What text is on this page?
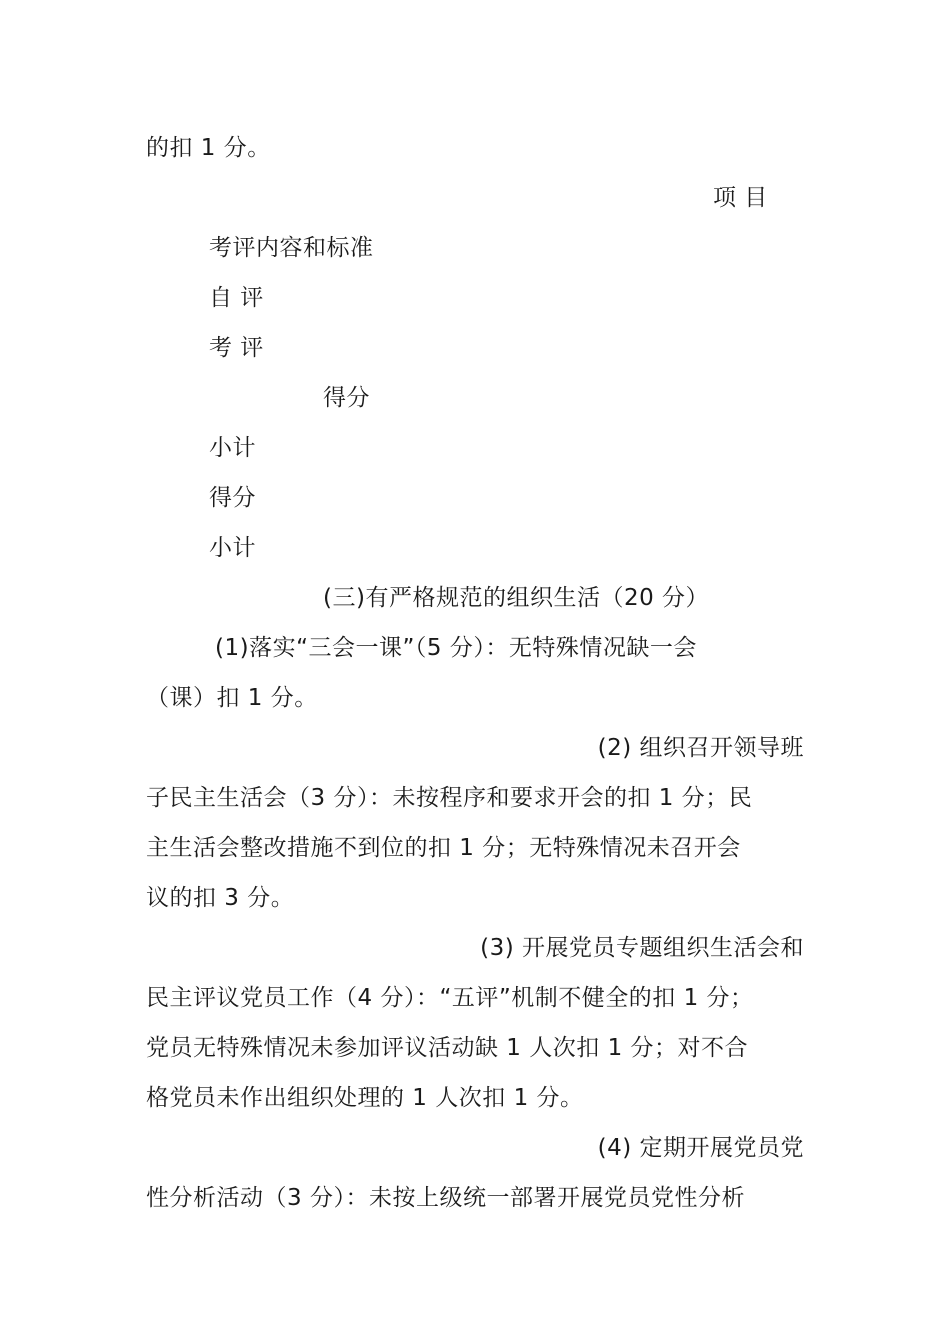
的扣 1 分。
项 目
考评内容和标准
自 评
考 评
得分
小计
得分
小计
(三)有严格规范的组织生活（20 分）
(1)落实“三会一课”（5 分）：无特殊情况缺一会
（课）扣 1 分。
(2) 组织召开领导班
子民主生活会（3 分）：未按程序和要求开会的扣 1 分；民
主生活会整改措施不到位的扣 1 分；无特殊情况未召开会
议的扣 3 分。
(3) 开展党员专题组织生活会和
民主评议党员工作（4 分）：“五评”机制不健全的扣 1 分；
党员无特殊情况未参加评议活动缺 1 人次扣 1 分；对不合
格党员未作出组织处理的 1 人次扣 1 分。
(4) 定期开展党员党
性分析活动（3 分）：未按上级统一部署开展党员党性分析
